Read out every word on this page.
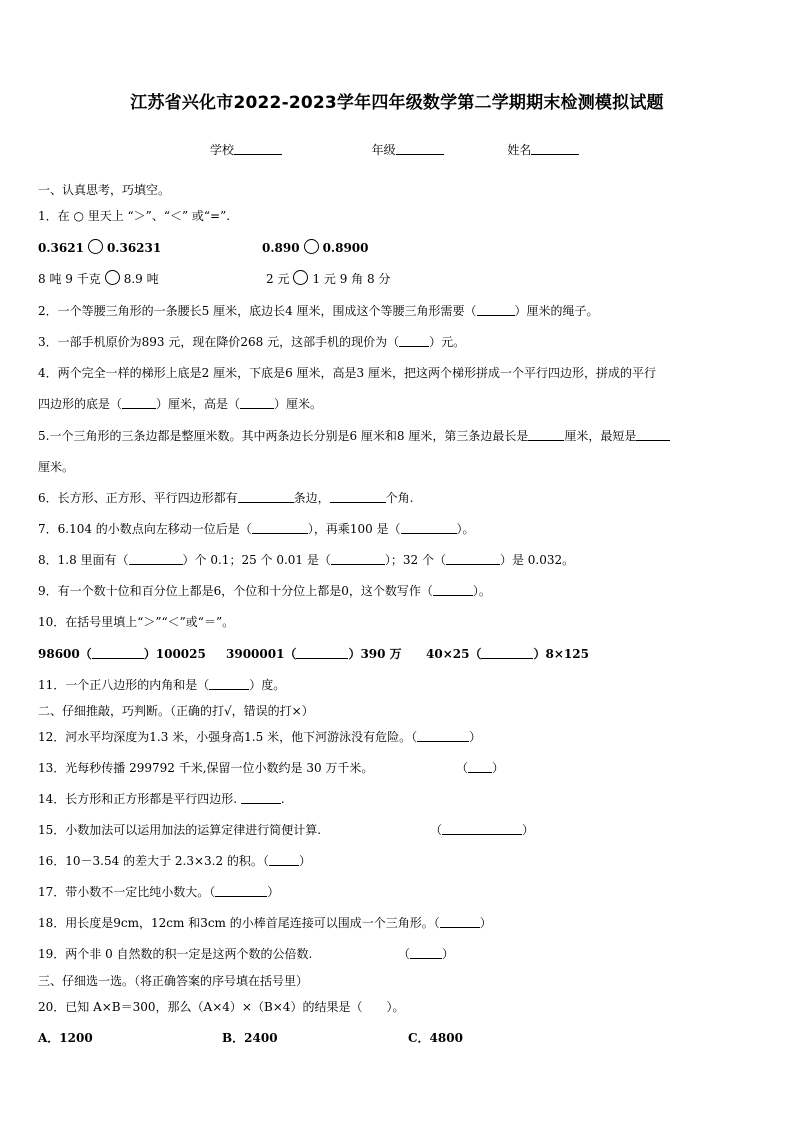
江苏省兴化市2022-2023学年四年级数学第二学期期末检测模拟试题
学校	年级	姓名
一、认真思考，巧填空。
1．在 ○ 里天上 “＞”、“＜” 或“=”.
0.3621 0.36231	0.890 0.8900
8 吨 9 千克 8.9 吨	2 元 1 元 9 角 8 分
2．一个等腰三角形的一条腰长5 厘米，底边长4 厘米，围成这个等腰三角形需要（	）厘米的绳子。
3．一部手机原价为893 元，现在降价268 元，这部手机的现价为（	）元。
4．两个完全一样的梯形上底是2 厘米，下底是6 厘米，高是3 厘米，把这两个梯形拼成一个平行四边形，拼成的平行
四边形的底是（	）厘米，高是（	）厘米。
5.一个三角形的三条边都是整厘米数。其中两条边长分别是6 厘米和8 厘米，第三条边最长是	厘米，最短是
厘米。
6．长方形、正方形、平行四边形都有	条边，	个角.
7．6.104 的小数点向左移动一位后是（	），再乘100 是（	）。
8．1.8 里面有（	）个 0.1；25 个 0.01 是（	）；32 个（	）是 0.032。
9．有一个数十位和百分位上都是6，个位和十分位上都是0，这个数写作（	）。
10．在括号里填上“＞”“＜”或“＝”。
98600（	）100025 3900001（	）390 万 40×25（	）8×125
11．一个正八边形的内角和是（	）度。
二、仔细推敲，巧判断。（正确的打√，错误的打×）
12．河水平均深度为1.3 米，小强身高1.5 米，他下河游泳没有危险。（	）
13．光每秒传播 299792 千米,保留一位小数约是 30 万千米。	（ ）
14．长方形和正方形都是平行四边形.	.
15．小数加法可以运用加法的运算定律进行简便计算.	（	）
16．10－3.54 的差大于 2.3×3.2 的积。（	）
17．带小数不一定比纯小数大。（	）
18．用长度是9cm，12cm 和3cm 的小棒首尾连接可以围成一个三角形。（	）
19．两个非 0 自然数的积一定是这两个数的公倍数.	（	）
三、仔细选一选。（将正确答案的序号填在括号里）
20．已知 A×B＝300，那么（A×4）×（B×4）的结果是（　　）。
A．1200	B．2400	C．4800
